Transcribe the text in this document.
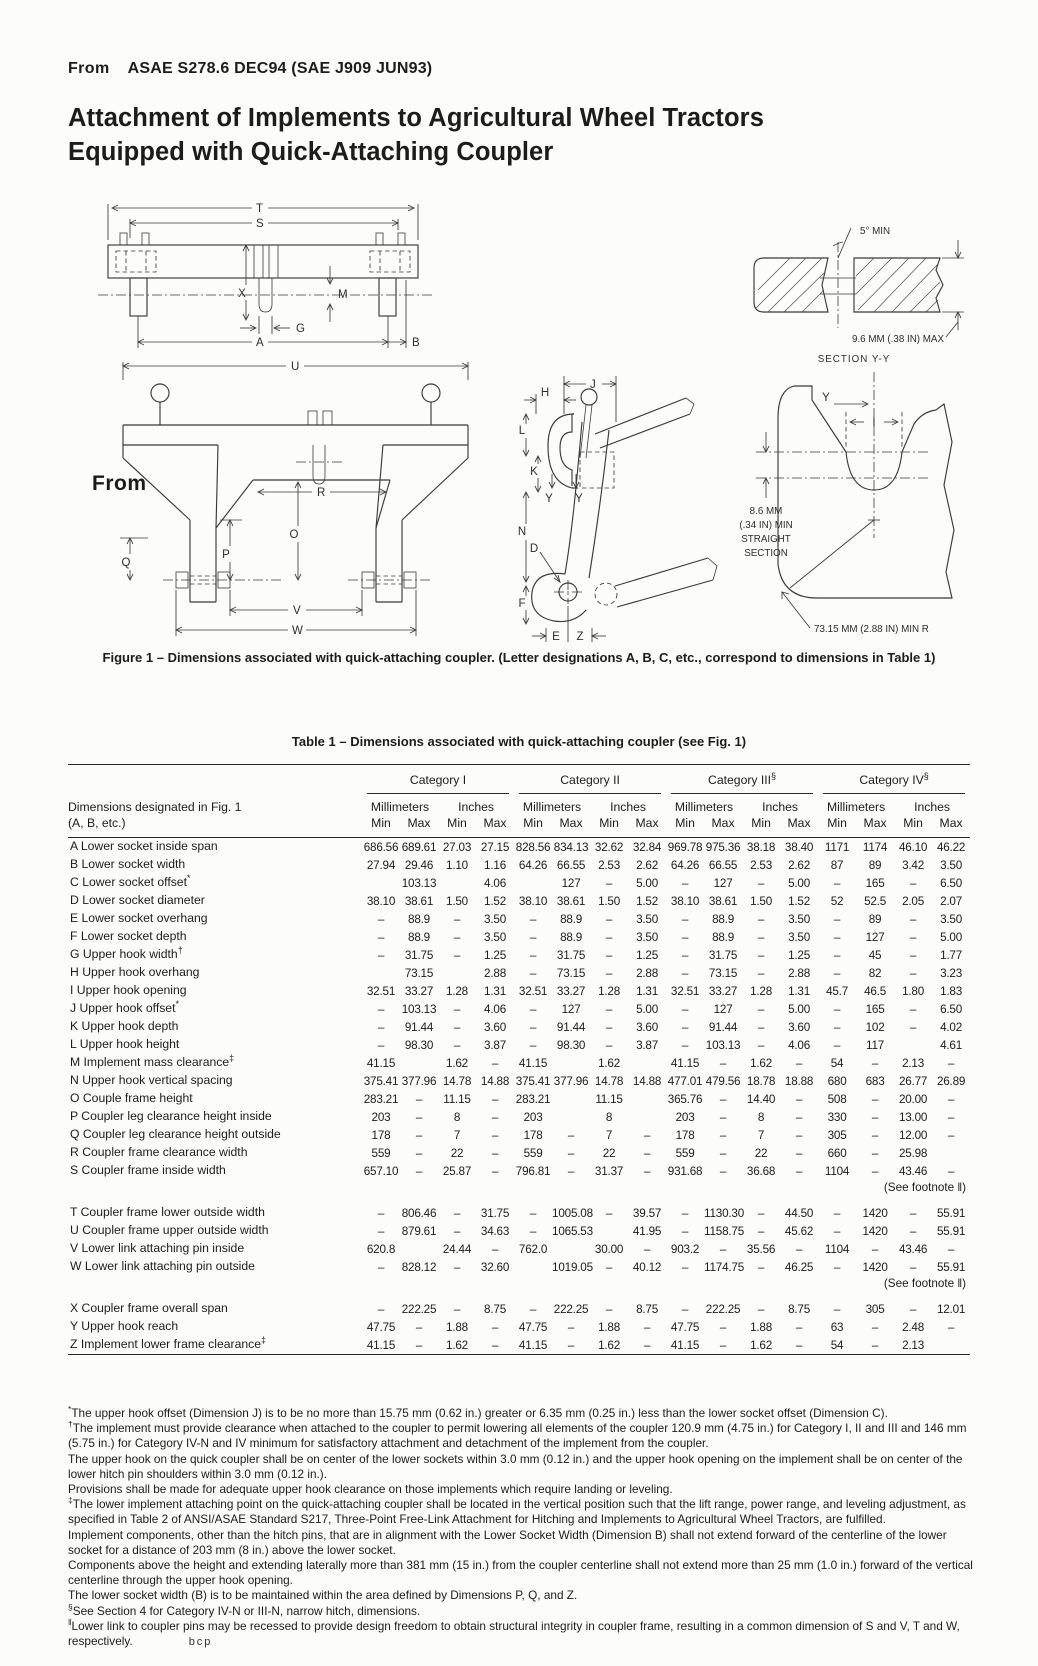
From ASAE S278.6 DEC94 (SAE J909 JUN93)
Attachment of Implements to Agricultural Wheel Tractors
Equipped with Quick-Attaching Coupler
T
S
X	M
G
A	B
U
R
O
P
Q
V
W
H
J
L
K
Y Y
N
D
F
E Z
5° MIN
9.6 MM (.38 IN) MAX
SECTION Y-Y
8.6 MM
(.34 IN) MIN
STRAIGHT
SECTION
Y
I
73.15 MM (2.88 IN) MIN R
From
Figure 1 – Dimensions associated with quick-attaching coupler. (Letter designations A, B, C, etc., correspond to dimensions in Table 1)
Table 1 – Dimensions associated with quick-attaching coupler (see Fig. 1)

	Category I				Category II				Category III§				Category IV§

Dimensions designated in Fig. 1	Millimeters		Inches		Millimeters		Inches		Millimeters		Inches		Millimeters		Inches	
(A, B, etc.)	Min	Max	Min	Max	Min	Max	Min	Max	Min	Max	Min	Max	Min	Max	Min	Max
A Lower socket inside span	686.56	689.61	27.03	27.15	828.56	834.13	32.62	32.84	969.78	975.36	38.18	38.40	1171	1174	46.10	46.22
B Lower socket width	27.94	29.46	1.10	1.16	64.26	66.55	2.53	2.62	64.26	66.55	2.53	2.62	87	89	3.42	3.50
C Lower socket offset*		103.13		4.06		127	–	5.00	–	127	–	5.00	–	165	–	6.50
D Lower socket diameter	38.10	38.61	1.50	1.52	38.10	38.61	1.50	1.52	38.10	38.61	1.50	1.52	52	52.5	2.05	2.07
E Lower socket overhang	–	88.9	–	3.50	–	88.9	–	3.50	–	88.9	–	3.50	–	89	–	3.50
F Lower socket depth	–	88.9	–	3.50	–	88.9	–	3.50	–	88.9	–	3.50	–	127	–	5.00
G Upper hook width†	–	31.75	–	1.25	–	31.75	–	1.25	–	31.75	–	1.25	–	45	–	1.77
H Upper hook overhang		73.15		2.88	–	73.15	–	2.88	–	73.15	–	2.88	–	82	–	3.23
I Upper hook opening	32.51	33.27	1.28	1.31	32.51	33.27	1.28	1.31	32.51	33.27	1.28	1.31	45.7	46.5	1.80	1.83
J Upper hook offset*	–	103.13	–	4.06	–	127	–	5.00	–	127	–	5.00	–	165	–	6.50
K Upper hook depth	–	91.44	–	3.60	–	91.44	–	3.60	–	91.44	–	3.60	–	102	–	4.02
L Upper hook height	–	98.30	–	3.87	–	98.30	–	3.87	–	103.13	–	4.06	–	117		4.61
M Implement mass clearance‡	41.15		1.62	–	41.15		1.62		41.15	–	1.62	–	54	–	2.13	–
N Upper hook vertical spacing	375.41	377.96	14.78	14.88	375.41	377.96	14.78	14.88	477.01	479.56	18.78	18.88	680	683	26.77	26.89
O Couple frame height	283.21	–	11.15	–	283.21		11.15		365.76	–	14.40	–	508	–	20.00	–
P Coupler leg clearance height inside	203	–	8	–	203		8		203	–	8	–	330	–	13.00	–
Q Coupler leg clearance height outside	178	–	7	–	178	–	7	–	178	–	7	–	305	–	12.00	–
R Coupler frame clearance width	559	–	22	–	559	–	22	–	559	–	22	–	660	–	25.98	
S Coupler frame inside width	657.10	–	25.87	–	796.81	–	31.37	–	931.68	–	36.68	–	1104	–	43.46	–
(See footnote ‖)																

T Coupler frame lower outside width	–	806.46	–	31.75	–	1005.08	–	39.57	–	1130.30	–	44.50	–	1420	–	55.91
U Coupler frame upper outside width	–	879.61	–	34.63	–	1065.53		41.95	–	1158.75	–	45.62	–	1420	–	55.91
V Lower link attaching pin inside	620.8		24.44	–	762.0		30.00	–	903.2	–	35.56	–	1104	–	43.46	–
W Lower link attaching pin outside	–	828.12	–	32.60		1019.05	–	40.12	–	1174.75	–	46.25	–	1420	–	55.91
(See footnote ‖)																

X Coupler frame overall span	–	222.25	–	8.75	–	222.25	–	8.75	–	222.25	–	8.75	–	305	–	12.01
Y Upper hook reach	47.75	–	1.88	–	47.75	–	1.88	–	47.75	–	1.88	–	63	–	2.48	–
Z Implement lower frame clearance‡	41.15	–	1.62	–	41.15	–	1.62	–	41.15	–	1.62	–	54	–	2.13	
*The upper hook offset (Dimension J) is to be no more than 15.75 mm (0.62 in.) greater or 6.35 mm (0.25 in.) less than the lower socket offset (Dimension C).
†The implement must provide clearance when attached to the coupler to permit lowering all elements of the coupler 120.9 mm (4.75 in.) for Category I, II and III and 146 mm (5.75 in.) for Category IV-N and IV minimum for satisfactory attachment and detachment of the implement from the coupler.
The upper hook on the quick coupler shall be on center of the lower sockets within 3.0 mm (0.12 in.) and the upper hook opening on the implement shall be on center of the lower hitch pin shoulders within 3.0 mm (0.12 in.).
Provisions shall be made for adequate upper hook clearance on those implements which require landing or leveling.
‡The lower implement attaching point on the quick-attaching coupler shall be located in the vertical position such that the lift range, power range, and leveling adjustment, as specified in Table 2 of ANSI/ASAE Standard S217, Three-Point Free-Link Attachment for Hitching and Implements to Agricultural Wheel Tractors, are fulfilled.
Implement components, other than the hitch pins, that are in alignment with the Lower Socket Width (Dimension B) shall not extend forward of the centerline of the lower socket for a distance of 203 mm (8 in.) above the lower socket.
Components above the height and extending laterally more than 381 mm (15 in.) from the coupler centerline shall not extend more than 25 mm (1.0 in.) forward of the vertical centerline through the upper hook opening.
The lower socket width (B) is to be maintained within the area defined by Dimensions P, Q, and Z.
§See Section 4 for Category IV-N or III-N, narrow hitch, dimensions.
‖Lower link to coupler pins may be recessed to provide design freedom to obtain structural integrity in coupler frame, resulting in a common dimension of S and V, T and W, respectively.	bcp
